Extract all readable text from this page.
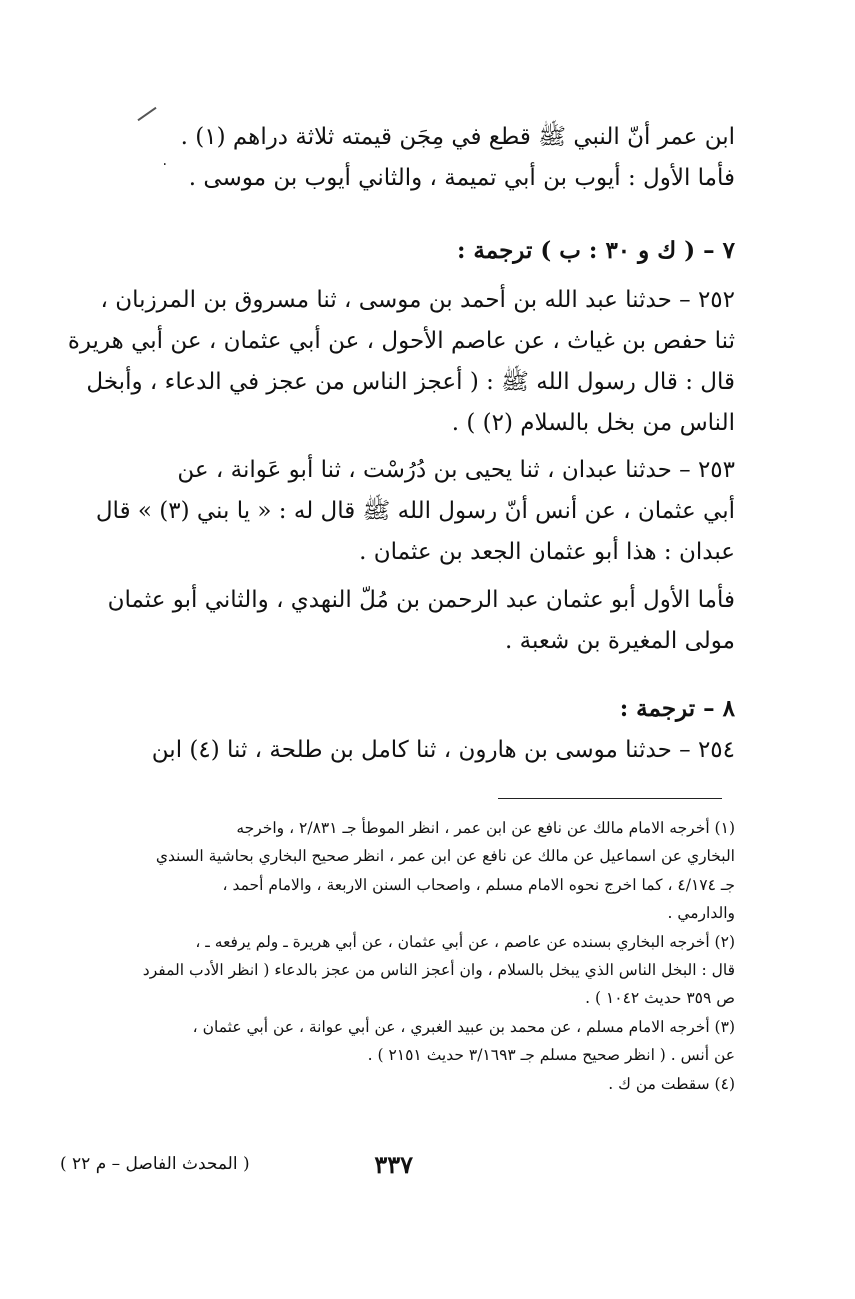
٠
ابن عمر أنّ النبي ﷺ قطع في مِجَن قيمته ثلاثة دراهم (١) .
فأما الأول : أيوب بن أبي تميمة ، والثاني أيوب بن موسى .
٧ – ( ك و ٣٠ : ب ) ترجمة :
٢٥٢ – حدثنا عبد الله بن أحمد بن موسى ، ثنا مسروق بن المرزبان ،
ثنا حفص بن غياث ، عن عاصم الأحول ، عن أبي عثمان ، عن أبي هريرة
قال : قال رسول الله ﷺ : ( أعجز الناس من عجز في الدعاء ، وأبخل
الناس من بخل بالسلام (٢) ) .
٢٥٣ – حدثنا عبدان ، ثنا يحيى بن دُرُسْت ، ثنا أبو عَوانة ، عن
أبي عثمان ، عن أنس أنّ رسول الله ﷺ قال له : « يا بني (٣) » قال
عبدان : هذا أبو عثمان الجعد بن عثمان .
فأما الأول أبو عثمان عبد الرحمن بن مُلّ النهدي ، والثاني أبو عثمان
مولى المغيرة بن شعبة .
٨ – ترجمة :
٢٥٤ – حدثنا موسى بن هارون ، ثنا كامل بن طلحة ، ثنا (٤) ابن
(١) أخرجه الامام مالك عن نافع عن ابن عمر ، انظر الموطأ جـ ٢/٨٣١ ، واخرجه
البخاري عن اسماعيل عن مالك عن نافع عن ابن عمر ، انظر صحيح البخاري بحاشية السندي
جـ ٤/١٧٤ ، كما اخرج نحوه الامام مسلم ، واصحاب السنن الاربعة ، والامام أحمد ،
والدارمي .
(٢) أخرجه البخاري بسنده عن عاصم ، عن أبي عثمان ، عن أبي هريرة ـ ولم يرفعه ـ ،
قال : البخل الناس الذي يبخل بالسلام ، وان أعجز الناس من عجز بالدعاء ( انظر الأدب المفرد
ص ٣٥٩ حديث ١٠٤٢ ) .
(٣) أخرجه الامام مسلم ، عن محمد بن عبيد الغبري ، عن أبي عوانة ، عن أبي عثمان ،
عن أنس . ( انظر صحيح مسلم جـ ٣/١٦٩٣ حديث ٢١٥١ ) .
(٤) سقطت من ك .
٣٣٧
( المحدث الفاصل – م ٢٢ )
